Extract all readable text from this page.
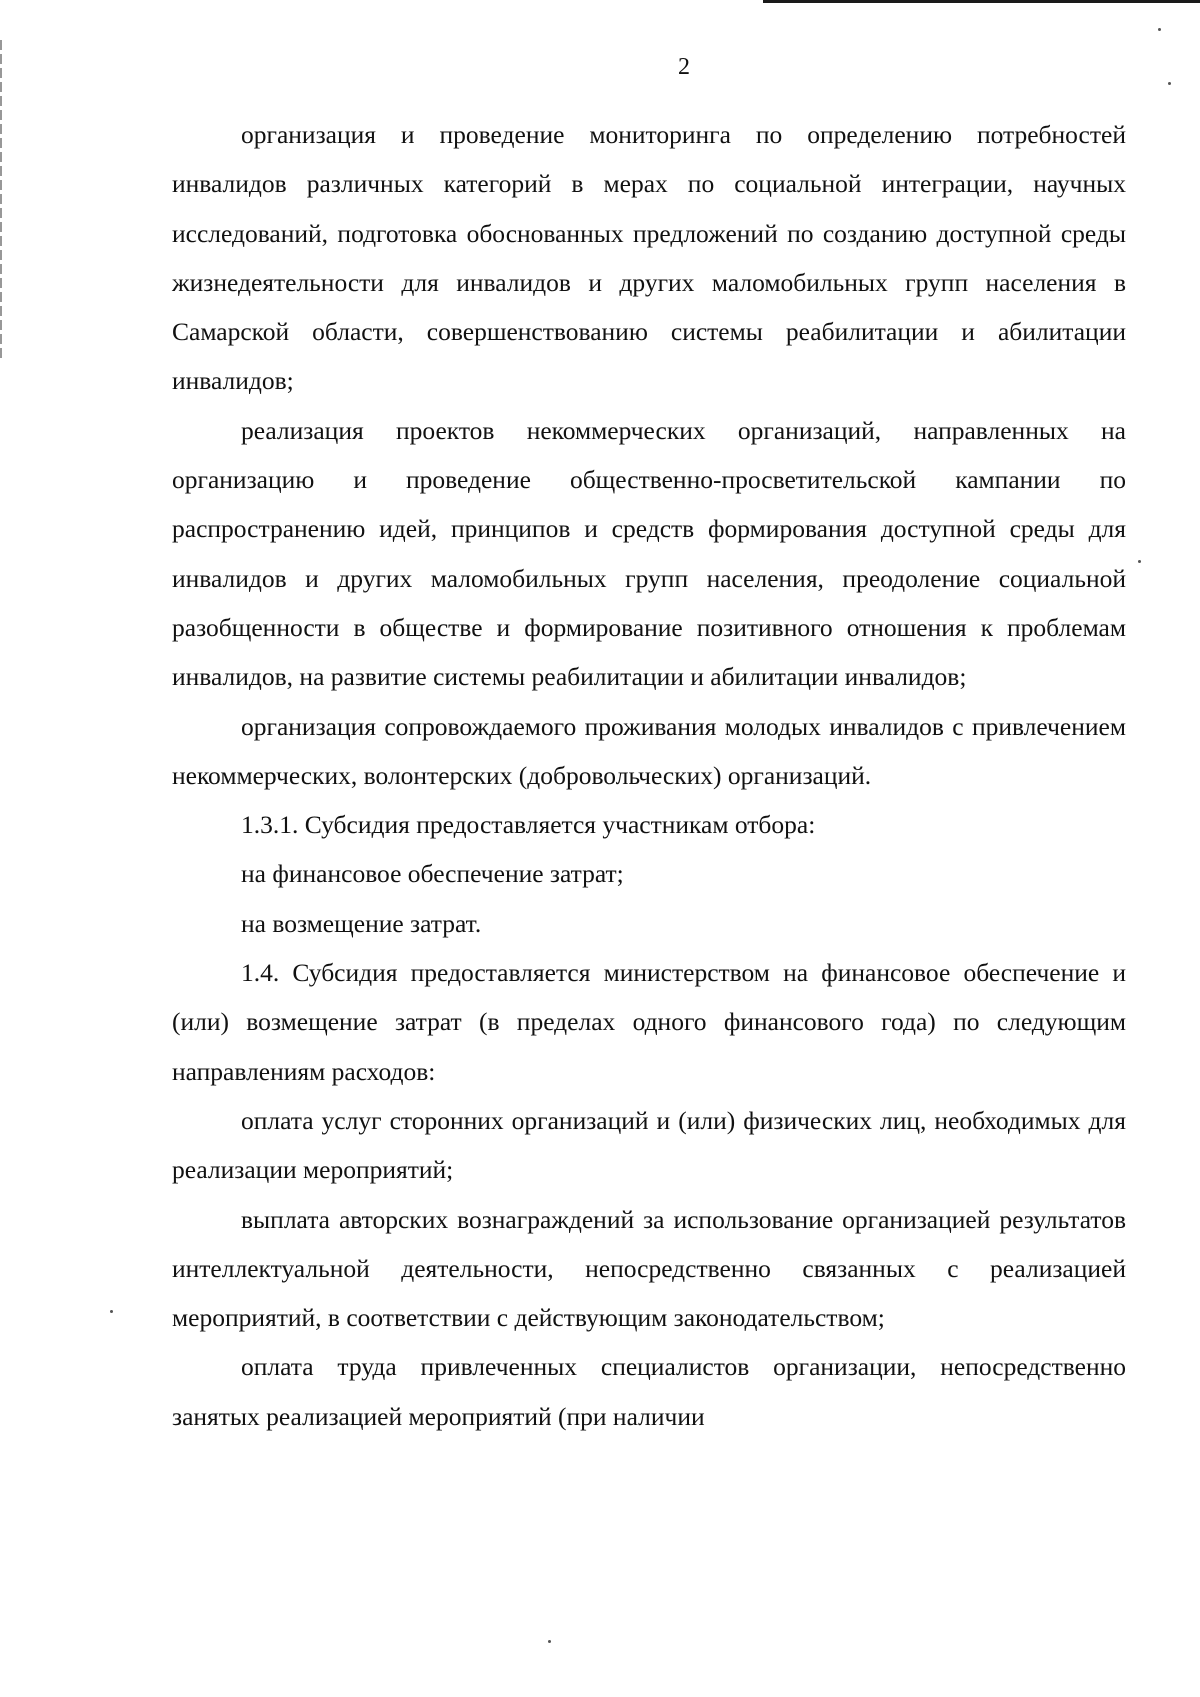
2

организация и проведение мониторинга по определению потребностей инвалидов различных категорий в мерах по социальной интеграции, научных исследований, подготовка обоснованных предложений по созданию доступной среды жизнедеятельности для инвалидов и других маломобильных групп населения в Самарской области, совершенствованию системы реабилитации и абилитации инвалидов;

реализация проектов некоммерческих организаций, направленных на организацию и проведение общественно-просветительской кампании по распространению идей, принципов и средств формирования доступной среды для инвалидов и других маломобильных групп населения, преодоление социальной разобщенности в обществе и формирование позитивного отношения к проблемам инвалидов, на развитие системы реабилитации и абилитации инвалидов;

организация сопровождаемого проживания молодых инвалидов с привлечением некоммерческих, волонтерских (добровольческих) организаций.

1.3.1. Субсидия предоставляется участникам отбора:

на финансовое обеспечение затрат;

на возмещение затрат.

1.4. Субсидия предоставляется министерством на финансовое обеспечение и (или) возмещение затрат (в пределах одного финансового года) по следующим направлениям расходов:

оплата услуг сторонних организаций и (или) физических лиц, необходимых для реализации мероприятий;

выплата авторских вознаграждений за использование организацией результатов интеллектуальной деятельности, непосредственно связанных с реализацией мероприятий, в соответствии с действующим законодательством;

оплата труда привлеченных специалистов организации, непосредственно занятых реализацией мероприятий (при наличии
